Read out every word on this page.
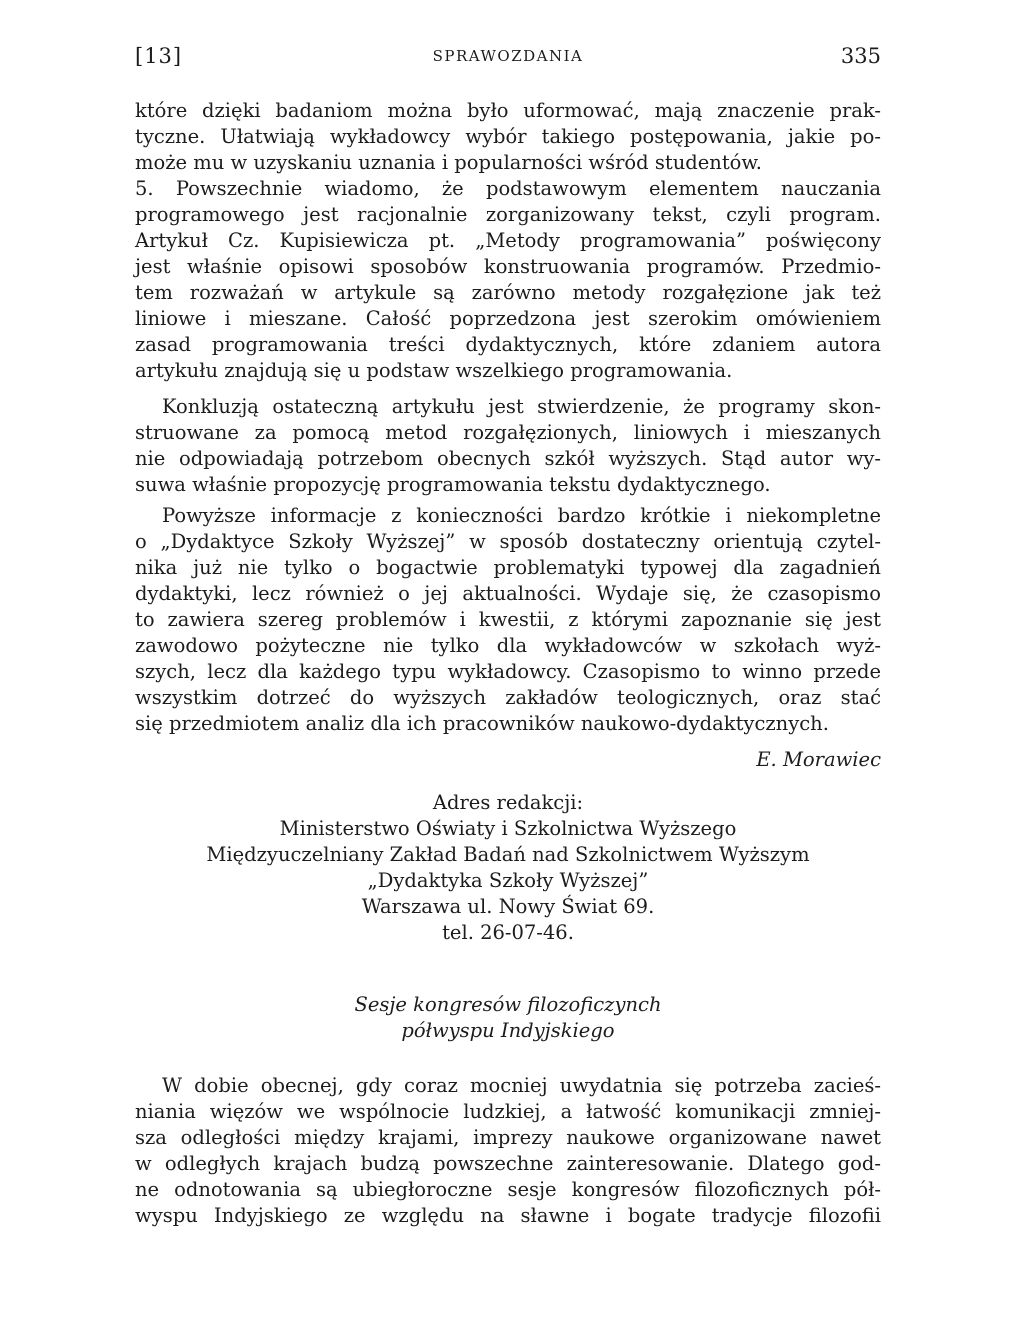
[13]	SPRAWOZDANIA	335
które dzięki badaniom można było uformować, mają znaczenie prak-
tyczne. Ułatwiają wykładowcy wybór takiego postępowania, jakie po-
może mu w uzyskaniu uznania i popularności wśród studentów.
5. Powszechnie wiadomo, że podstawowym elementem nauczania
programowego jest racjonalnie zorganizowany tekst, czyli program.
Artykuł Cz. Kupisiewicza pt. „Metody programowania” poświęcony
jest właśnie opisowi sposobów konstruowania programów. Przedmio-
tem rozważań w artykule są zarówno metody rozgałęzione jak też
liniowe i mieszane. Całość poprzedzona jest szerokim omówieniem
zasad programowania treści dydaktycznych, które zdaniem autora
artykułu znajdują się u podstaw wszelkiego programowania.
Konkluzją ostateczną artykułu jest stwierdzenie, że programy skon-
struowane za pomocą metod rozgałęzionych, liniowych i mieszanych
nie odpowiadają potrzebom obecnych szkół wyższych. Stąd autor wy-
suwa właśnie propozycję programowania tekstu dydaktycznego.
Powyższe informacje z konieczności bardzo krótkie i niekompletne
o „Dydaktyce Szkoły Wyższej” w sposób dostateczny orientują czytel-
nika już nie tylko o bogactwie problematyki typowej dla zagadnień
dydaktyki, lecz również o jej aktualności. Wydaje się, że czasopismo
to zawiera szereg problemów i kwestii, z którymi zapoznanie się jest
zawodowo pożyteczne nie tylko dla wykładowców w szkołach wyż-
szych, lecz dla każdego typu wykładowcy. Czasopismo to winno przede
wszystkim dotrzeć do wyższych zakładów teologicznych, oraz stać
się przedmiotem analiz dla ich pracowników naukowo-dydaktycznych.
E. Morawiec
Adres redakcji:
Ministerstwo Oświaty i Szkolnictwa Wyższego
Międzyuczelniany Zakład Badań nad Szkolnictwem Wyższym
„Dydaktyka Szkoły Wyższej”
Warszawa ul. Nowy Świat 69.
tel. 26-07-46.
Sesje kongresów filozoficzynch
półwyspu Indyjskiego
W dobie obecnej, gdy coraz mocniej uwydatnia się potrzeba zacieś-
niania więzów we wspólnocie ludzkiej, a łatwość komunikacji zmniej-
sza odległości między krajami, imprezy naukowe organizowane nawet
w odległych krajach budzą powszechne zainteresowanie. Dlatego god-
ne odnotowania są ubiegłoroczne sesje kongresów filozoficznych pół-
wyspu Indyjskiego ze względu na sławne i bogate tradycje filozofii
